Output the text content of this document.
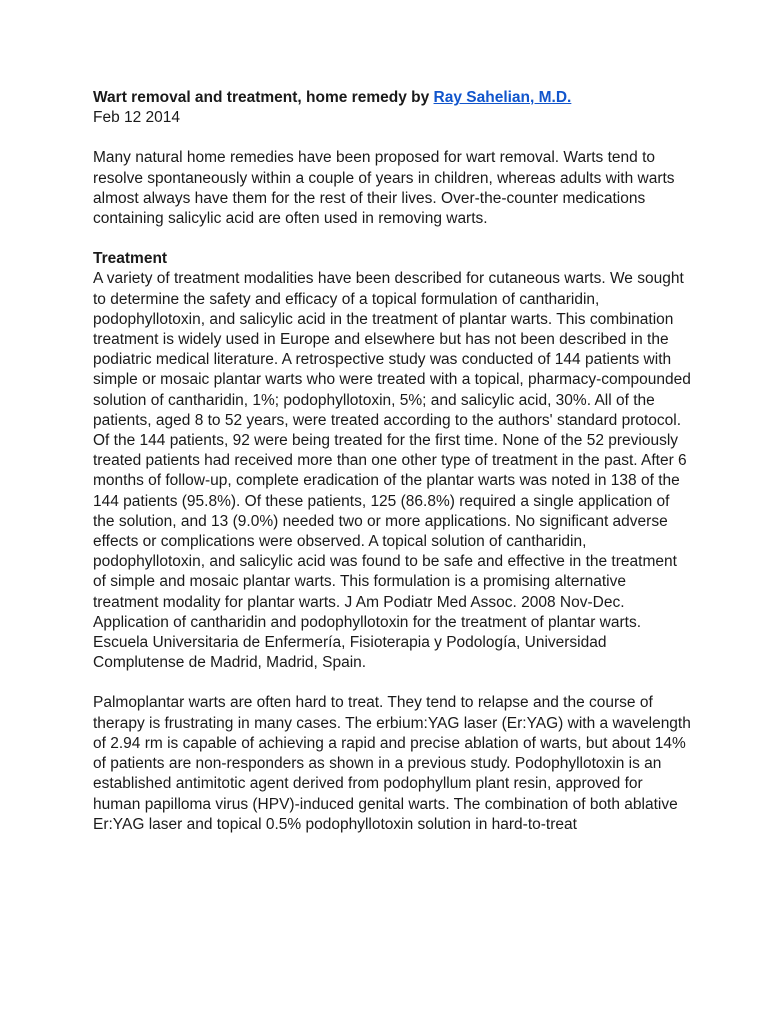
Wart removal and treatment, home remedy by Ray Sahelian, M.D.
Feb 12 2014

Many natural home remedies have been proposed for wart removal. Warts tend to resolve spontaneously within a couple of years in children, whereas adults with warts almost always have them for the rest of their lives. Over-the-counter medications containing salicylic acid are often used in removing warts.

Treatment

A variety of treatment modalities have been described for cutaneous warts. We sought to determine the safety and efficacy of a topical formulation of cantharidin, podophyllotoxin, and salicylic acid in the treatment of plantar warts. This combination treatment is widely used in Europe and elsewhere but has not been described in the podiatric medical literature. A retrospective study was conducted of 144 patients with simple or mosaic plantar warts who were treated with a topical, pharmacy-compounded solution of cantharidin, 1%; podophyllotoxin, 5%; and salicylic acid, 30%. All of the patients, aged 8 to 52 years, were treated according to the authors' standard protocol. Of the 144 patients, 92 were being treated for the first time. None of the 52 previously treated patients had received more than one other type of treatment in the past. After 6 months of follow-up, complete eradication of the plantar warts was noted in 138 of the 144 patients (95.8%). Of these patients, 125 (86.8%) required a single application of the solution, and 13 (9.0%) needed two or more applications. No significant adverse effects or complications were observed. A topical solution of cantharidin, podophyllotoxin, and salicylic acid was found to be safe and effective in the treatment of simple and mosaic plantar warts. This formulation is a promising alternative treatment modality for plantar warts. J Am Podiatr Med Assoc. 2008 Nov-Dec. Application of cantharidin and podophyllotoxin for the treatment of plantar warts. Escuela Universitaria de Enfermería, Fisioterapia y Podología, Universidad Complutense de Madrid, Madrid, Spain.

Palmoplantar warts are often hard to treat. They tend to relapse and the course of therapy is frustrating in many cases. The erbium:YAG laser (Er:YAG) with a wavelength of 2.94 rm is capable of achieving a rapid and precise ablation of warts, but about 14% of patients are non-responders as shown in a previous study. Podophyllotoxin is an established antimitotic agent derived from podophyllum plant resin, approved for human papilloma virus (HPV)-induced genital warts. The combination of both ablative Er:YAG laser and topical 0.5% podophyllotoxin solution in hard-to-treat
